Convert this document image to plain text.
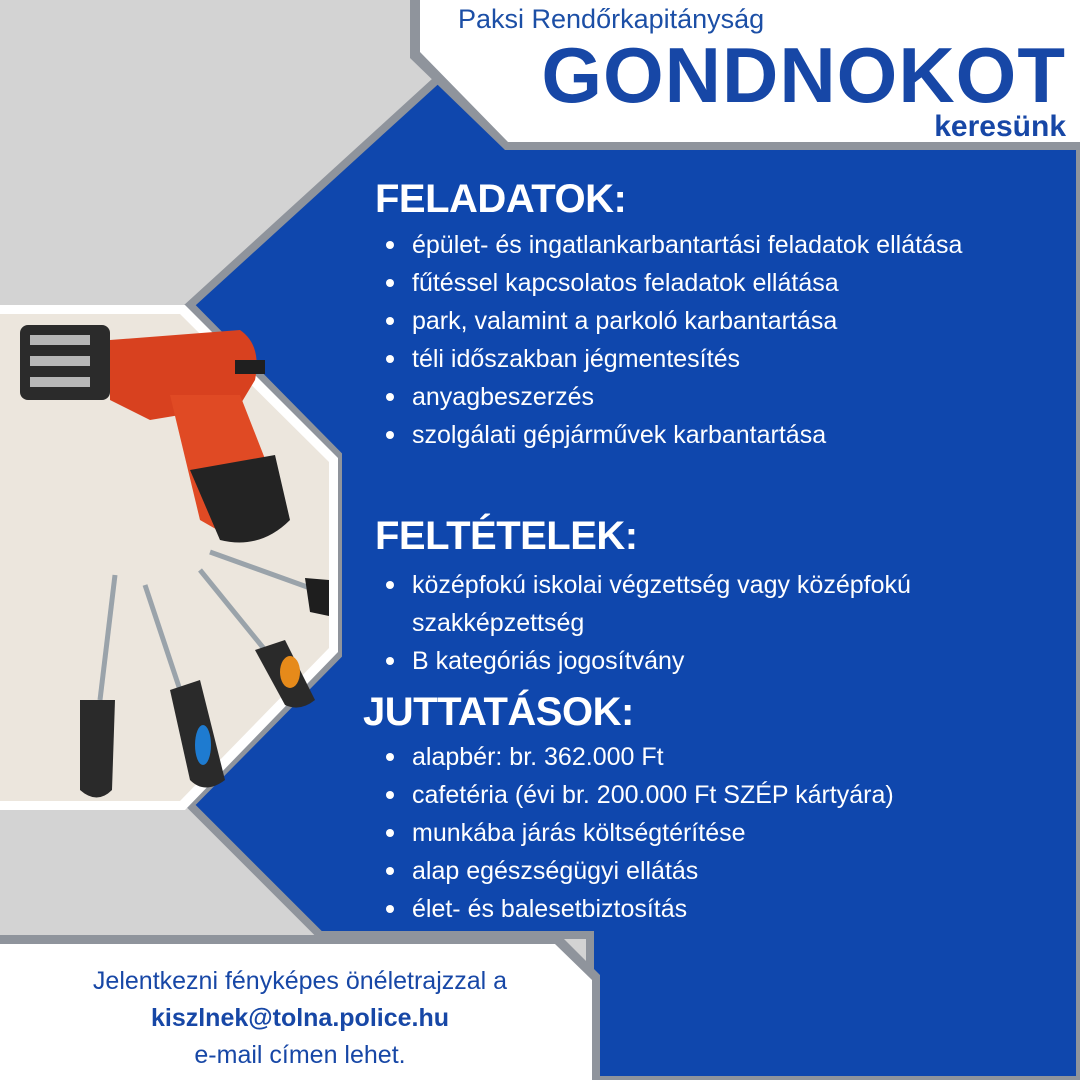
Paksi Rendőrkapitányság
GONDNOKOT
keresünk
FELADATOK:
épület- és ingatlankarbantartási feladatok ellátása
fűtéssel kapcsolatos feladatok ellátása
park, valamint a parkoló karbantartása
téli időszakban jégmentesítés
anyagbeszerzés
szolgálati gépjárművek karbantartása
FELTÉTELEK:
középfokú iskolai végzettség vagy középfokú szakképzettség
B kategóriás jogosítvány
JUTTATÁSOK:
alapbér: br. 362.000 Ft
cafetéria (évi br. 200.000 Ft SZÉP kártyára)
munkába járás költségtérítése
alap egészségügyi ellátás
élet- és balesetbiztosítás
Jelentkezni fényképes önéletrajzzal a
kiszlnek@tolna.police.hu
e-mail címen lehet.
